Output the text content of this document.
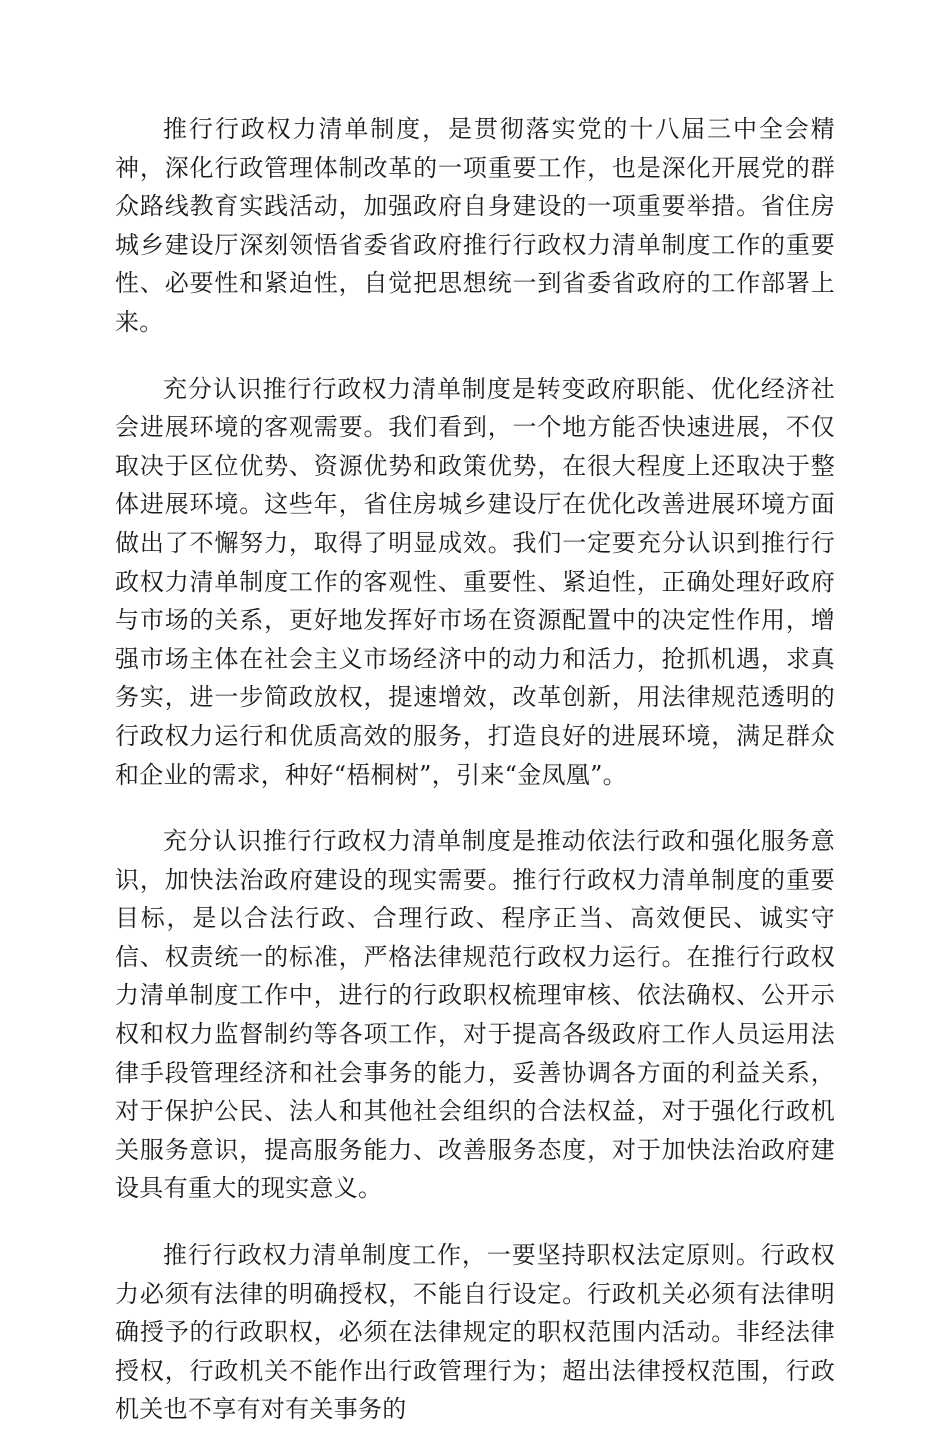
推行行政权力清单制度，是贯彻落实党的十八届三中全会精神，深化行政管理体制改革的一项重要工作，也是深化开展党的群众路线教育实践活动，加强政府自身建设的一项重要举措。省住房城乡建设厅深刻领悟省委省政府推行行政权力清单制度工作的重要性、必要性和紧迫性，自觉把思想统一到省委省政府的工作部署上来。

充分认识推行行政权力清单制度是转变政府职能、优化经济社会进展环境的客观需要。我们看到，一个地方能否快速进展，不仅取决于区位优势、资源优势和政策优势，在很大程度上还取决于整体进展环境。这些年，省住房城乡建设厅在优化改善进展环境方面做出了不懈努力，取得了明显成效。我们一定要充分认识到推行行政权力清单制度工作的客观性、重要性、紧迫性，正确处理好政府与市场的关系，更好地发挥好市场在资源配置中的决定性作用，增强市场主体在社会主义市场经济中的动力和活力，抢抓机遇，求真务实，进一步简政放权，提速增效，改革创新，用法律规范透明的行政权力运行和优质高效的服务，打造良好的进展环境，满足群众和企业的需求，种好“梧桐树”，引来“金凤凰”。

充分认识推行行政权力清单制度是推动依法行政和强化服务意识，加快法治政府建设的现实需要。推行行政权力清单制度的重要目标，是以合法行政、合理行政、程序正当、高效便民、诚实守信、权责统一的标准，严格法律规范行政权力运行。在推行行政权力清单制度工作中，进行的行政职权梳理审核、依法确权、公开示权和权力监督制约等各项工作，对于提高各级政府工作人员运用法律手段管理经济和社会事务的能力，妥善协调各方面的利益关系，对于保护公民、法人和其他社会组织的合法权益，对于强化行政机关服务意识，提高服务能力、改善服务态度，对于加快法治政府建设具有重大的现实意义。

推行行政权力清单制度工作，一要坚持职权法定原则。行政权力必须有法律的明确授权，不能自行设定。行政机关必须有法律明确授予的行政职权，必须在法律规定的职权范围内活动。非经法律授权，行政机关不能作出行政管理行为；超出法律授权范围，行政机关也不享有对有关事务的
